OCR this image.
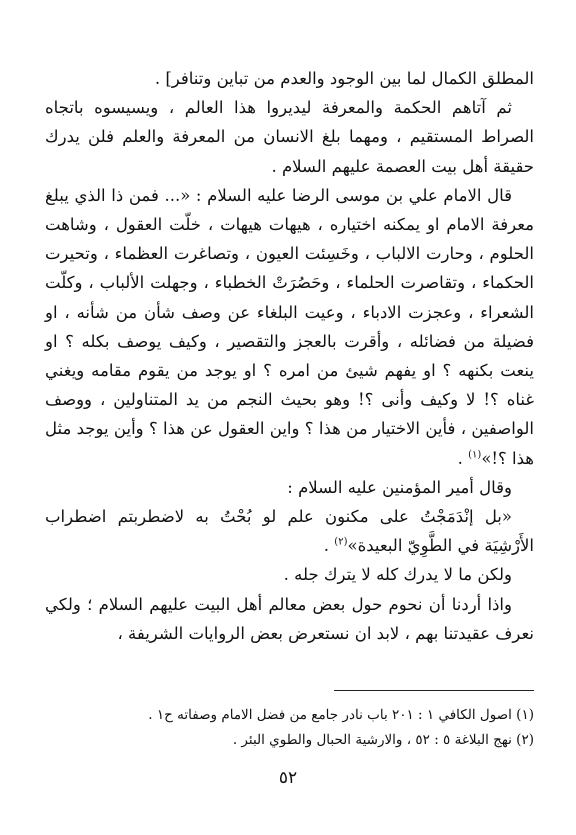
المطلق الكمال لما بين الوجود والعدم من تباين وتنافر] .

ثم آتاهم الحكمة والمعرفة ليديروا هذا العالم ، ويسيسوه باتجاه الصراط المستقيم ، ومهما بلغ الانسان من المعرفة والعلم فلن يدرك حقيقة أهل بيت العصمة عليهم السلام .

قال الامام علي بن موسى الرضا عليه السلام : «... فمن ذا الذي يبلغ معرفة الامام او يمكنه اختياره ، هيهات هيهات ، خلّت العقول ، وشاهت الحلوم ، وحارت الالباب ، وخَسِئت العيون ، وتصاغرت العظماء ، وتحيرت الحكماء ، وتقاصرت الحلماء ، وحَصُرَتْ الخطباء ، وجهلت الألباب ، وكلّت الشعراء ، وعجزت الادباء ، وعيت البلغاء عن وصف شأن من شأنه ، او فضيلة من فضائله ، وأقرت بالعجز والتقصير ، وكيف يوصف بكله ؟ او ينعت بكنهه ؟ او يفهم شيئ من امره ؟ او يوجد من يقوم مقامه ويغني غناه ؟! لا وكيف وأنى ؟! وهو بحيث النجم من يد المتناولين ، ووصف الواصفين ، فأين الاختيار من هذا ؟ واين العقول عن هذا ؟ وأين يوجد مثل هذا ؟!»$^{(١)}$ .

وقال أمير المؤمنين عليه السلام :

«بل إنْدَمَجْتُ على مكنون علم لو بُحْتُ به لاضطربتم اضطراب الأَرْشِيَة في الطَّوِيّ البعيدة»$^{(٢)}$ .

ولكن ما لا يدرك كله لا يترك جله .

واذا أردنا أن نحوم حول بعض معالم أهل البيت عليهم السلام ؛ ولكي نعرف عقيدتنا بهم ، لابد ان نستعرض بعض الروايات الشريفة ،

(١) اصول الكافي ١ : ٢٠١ باب نادر جامع من فضل الامام وصفاته ح١ .

(٢) نهج البلاغة ٥ : ٥٢ ، والارشية الحبال والطوي البئر .

٥٢
